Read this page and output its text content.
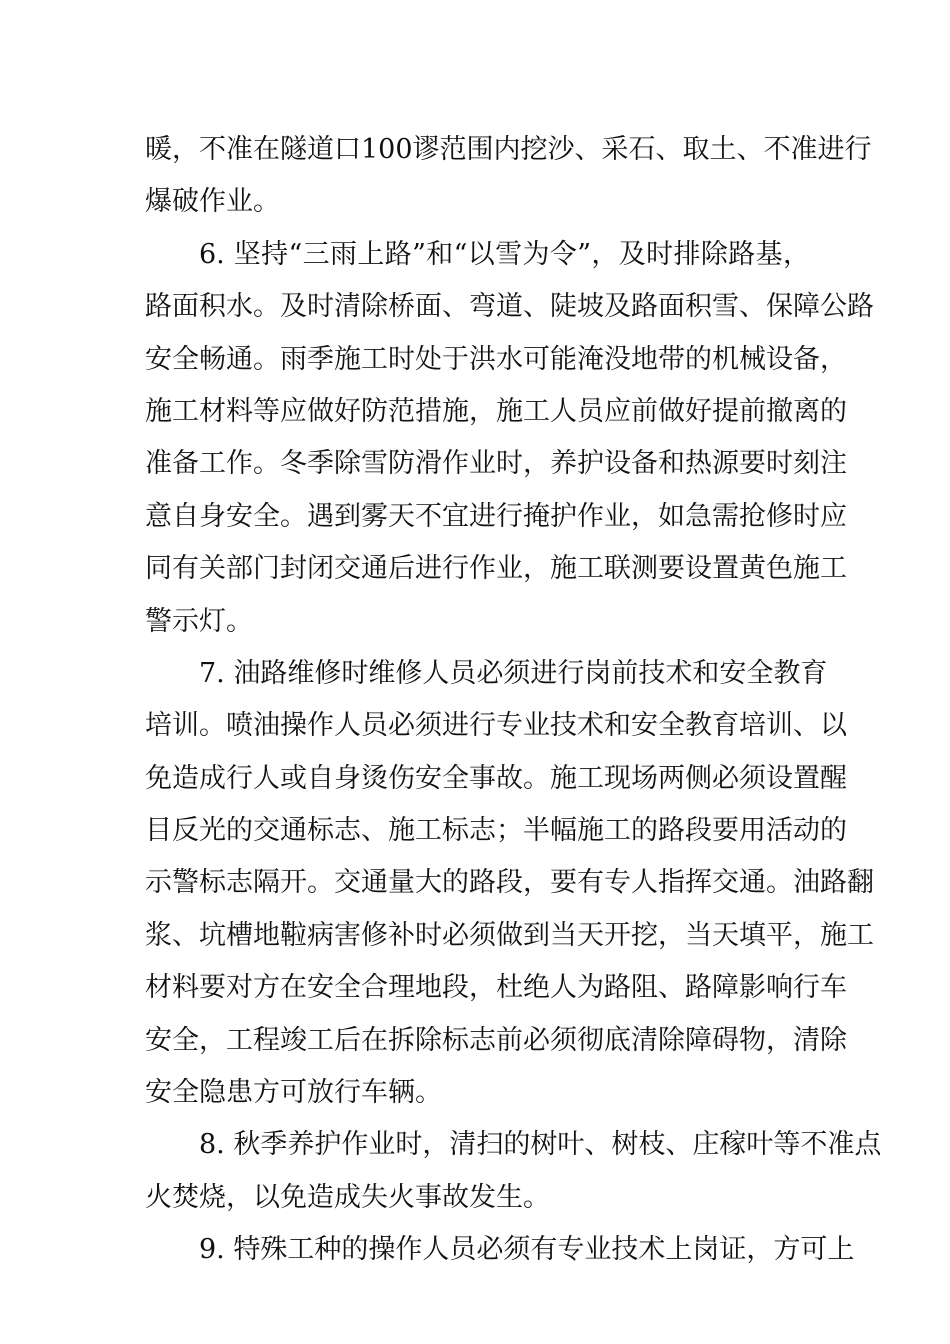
暖，不准在隧道口100谬范围内挖沙、采石、取土、不准进行
爆破作业。
6. 坚持“三雨上路”和“以雪为令”，及时排除路基，
路面积水。及时清除桥面、弯道、陡坡及路面积雪、保障公路
安全畅通。雨季施工时处于洪水可能淹没地带的机械设备，
施工材料等应做好防范措施，施工人员应前做好提前撤离的
准备工作。冬季除雪防滑作业时，养护设备和热源要时刻注
意自身安全。遇到雾天不宜进行掩护作业，如急需抢修时应
同有关部门封闭交通后进行作业，施工联测要设置黄色施工
警示灯。
7. 油路维修时维修人员必须进行岗前技术和安全教育
培训。喷油操作人员必须进行专业技术和安全教育培训、以
免造成行人或自身烫伤安全事故。施工现场两侧必须设置醒
目反光的交通标志、施工标志；半幅施工的路段要用活动的
示警标志隔开。交通量大的路段，要有专人指挥交通。油路翻
浆、坑槽地鞡病害修补时必须做到当天开挖，当天填平，施工
材料要对方在安全合理地段，杜绝人为路阻、路障影响行车
安全，工程竣工后在拆除标志前必须彻底清除障碍物，清除
安全隐患方可放行车辆。
8. 秋季养护作业时，清扫的树叶、树枝、庄稼叶等不准点
火焚烧，以免造成失火事故发生。
9. 特殊工种的操作人员必须有专业技术上岗证，方可上
